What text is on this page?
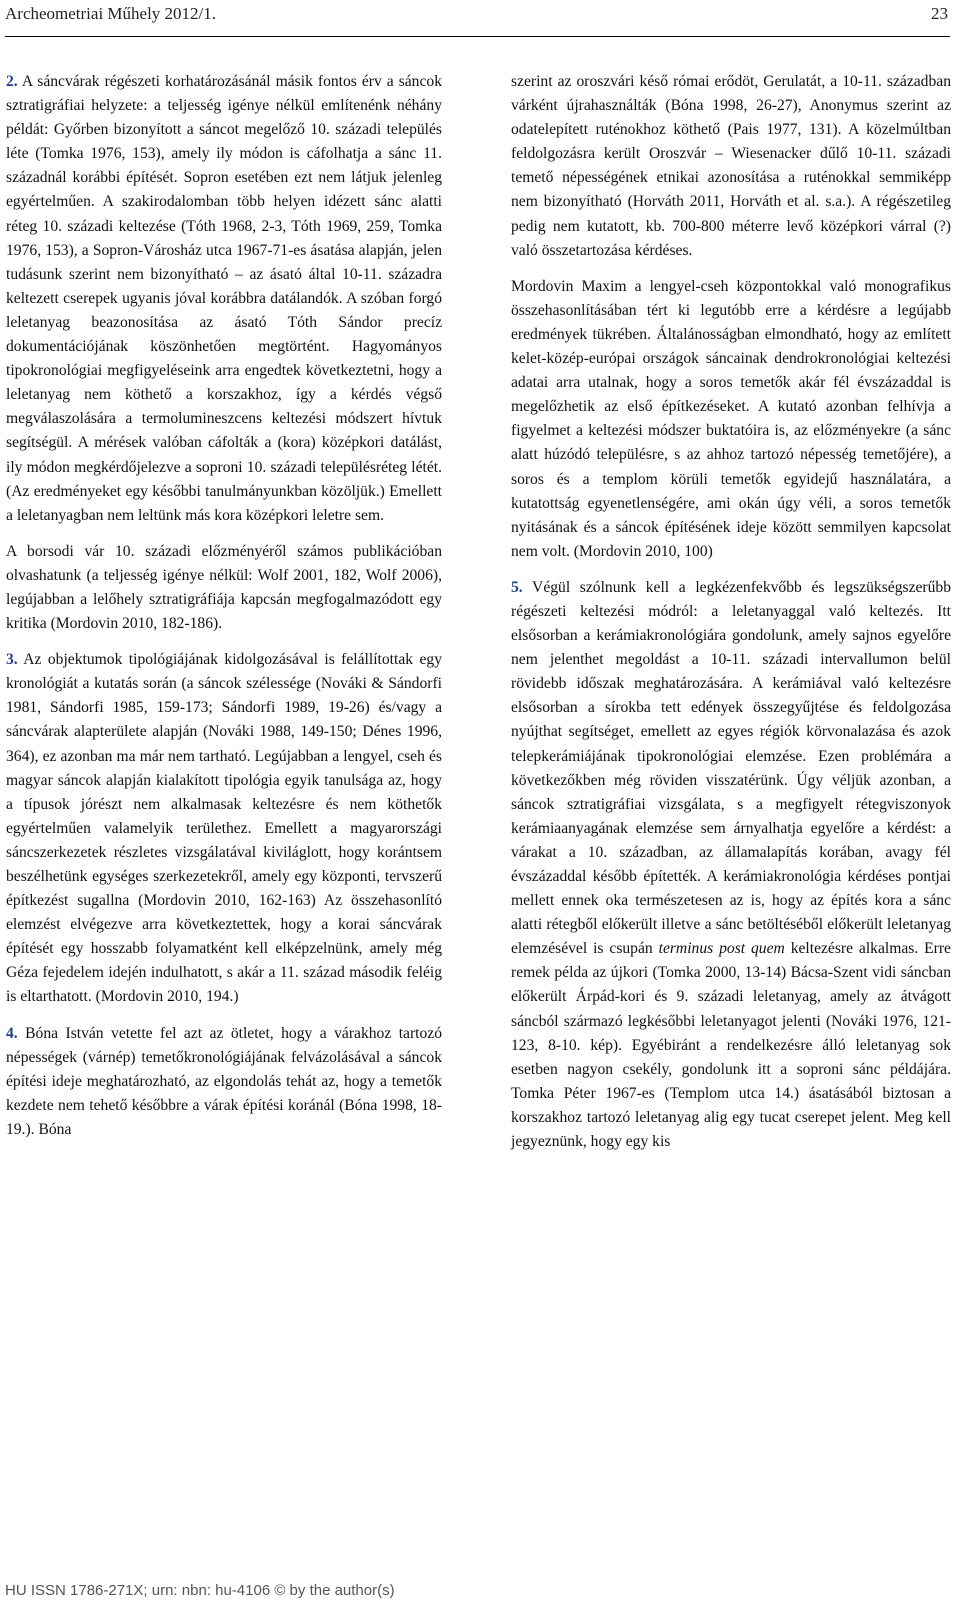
Archeometriai Műhely 2012/1.	23

2. A sáncvárak régészeti korhatározásánál másik fontos érv a sáncok sztratigráfiai helyzete: a teljesség igénye nélkül említenénk néhány példát: Győrben bizonyított a sáncot megelőző 10. századi település léte (Tomka 1976, 153), amely ily módon is cáfolhatja a sánc 11. századnál korábbi építését. Sopron esetében ezt nem látjuk jelenleg egyértelműen. A szakirodalomban több helyen idézett sánc alatti réteg 10. századi keltezése (Tóth 1968, 2-3, Tóth 1969, 259, Tomka 1976, 153), a Sopron-Városház utca 1967-71-es ásatása alapján, jelen tudásunk szerint nem bizonyítható – az ásató által 10-11. századra keltezett cserepek ugyanis jóval korábbra datálandók. A szóban forgó leletanyag beazonosítása az ásató Tóth Sándor precíz dokumentációjának köszönhetően megtörtént. Hagyományos tipokronológiai megfigyeléseink arra engedtek következtetni, hogy a leletanyag nem köthető a korszakhoz, így a kérdés végső megválaszolására a termolumineszcens keltezési módszert hívtuk segítségül. A mérések valóban cáfolták a (kora) középkori datálást, ily módon megkérdőjelezve a soproni 10. századi településréteg létét. (Az eredményeket egy későbbi tanulmányunkban közöljük.) Emellett a leletanyagban nem leltünk más kora középkori leletre sem.

A borsodi vár 10. századi előzményéről számos publikációban olvashatunk (a teljesség igénye nélkül: Wolf 2001, 182, Wolf 2006), legújabban a lelőhely sztratigráfiája kapcsán megfogalmazódott egy kritika (Mordovin 2010, 182-186).

3. Az objektumok tipológiájának kidolgozásával is felállítottak egy kronológiát a kutatás során (a sáncok szélessége (Nováki & Sándorfi 1981, Sándorfi 1985, 159-173; Sándorfi 1989, 19-26) és/vagy a sáncvárak alapterülete alapján (Nováki 1988, 149-150; Dénes 1996, 364), ez azonban ma már nem tartható. Legújabban a lengyel, cseh és magyar sáncok alapján kialakított tipológia egyik tanulsága az, hogy a típusok jórészt nem alkalmasak keltezésre és nem köthetők egyértelműen valamelyik területhez. Emellett a magyarországi sáncszerkezetek részletes vizsgálatával kiviláglott, hogy korántsem beszélhetünk egységes szerkezetekről, amely egy központi, tervszerű építkezést sugallna (Mordovin 2010, 162-163) Az összehasonlító elemzést elvégezve arra következtettek, hogy a korai sáncvárak építését egy hosszabb folyamatként kell elképzelnünk, amely még Géza fejedelem idején indulhatott, s akár a 11. század második feléig is eltarthatott. (Mordovin 2010, 194.)

4. Bóna István vetette fel azt az ötletet, hogy a várakhoz tartozó népességek (várnép) temetőkronológiájának felvázolásával a sáncok építési ideje meghatározható, az elgondolás tehát az, hogy a temetők kezdete nem tehető későbbre a várak építési koránál (Bóna 1998, 18-19.). Bóna

szerint az oroszvári késő római erődöt, Gerulatát, a 10-11. században várként újrahasználták (Bóna 1998, 26-27), Anonymus szerint az odatelepített ruténokhoz köthető (Pais 1977, 131). A közelmúltban feldolgozásra került Oroszvár – Wiesenacker dűlő 10-11. századi temető népességének etnikai azonosítása a ruténokkal semmiképp nem bizonyítható (Horváth 2011, Horváth et al. s.a.). A régészetileg pedig nem kutatott, kb. 700-800 méterre levő középkori várral (?) való összetartozása kérdéses.

Mordovin Maxim a lengyel-cseh központokkal való monografikus összehasonlításában tért ki legutóbb erre a kérdésre a legújabb eredmények tükrében. Általánosságban elmondható, hogy az említett kelet-közép-európai országok sáncainak dendrokronológiai keltezési adatai arra utalnak, hogy a soros temetők akár fél évszázaddal is megelőzhetik az első építkezéseket. A kutató azonban felhívja a figyelmet a keltezési módszer buktatóira is, az előzményekre (a sánc alatt húzódó településre, s az ahhoz tartozó népesség temetőjére), a soros és a templom körüli temetők egyidejű használatára, a kutatottság egyenetlenségére, ami okán úgy véli, a soros temetők nyitásának és a sáncok építésének ideje között semmilyen kapcsolat nem volt. (Mordovin 2010, 100)

5. Végül szólnunk kell a legkézenfekvőbb és legszükségszerűbb régészeti keltezési módról: a leletanyaggal való keltezés. Itt elsősorban a kerámiakronológiára gondolunk, amely sajnos egyelőre nem jelenthet megoldást a 10-11. századi intervallumon belül rövidebb időszak meghatározására. A kerámiával való keltezésre elsősorban a sírokba tett edények összegyűjtése és feldolgozása nyújthat segítséget, emellett az egyes régiók körvonalazása és azok telepkerámiájának tipokronológiai elemzése. Ezen problémára a következőkben még röviden visszatérünk. Úgy véljük azonban, a sáncok sztratigráfiai vizsgálata, s a megfigyelt rétegviszonyok kerámiaanyagának elemzése sem árnyalhatja egyelőre a kérdést: a várakat a 10. században, az államalapítás korában, avagy fél évszázaddal később építették. A kerámiakronológia kérdéses pontjai mellett ennek oka természetesen az is, hogy az építés kora a sánc alatti rétegből előkerült illetve a sánc betöltéséből előkerült leletanyag elemzésével is csupán terminus post quem keltezésre alkalmas. Erre remek példa az újkori (Tomka 2000, 13-14) Bácsa-Szent vidi sáncban előkerült Árpád-kori és 9. századi leletanyag, amely az átvágott sáncból származó legkésőbbi leletanyagot jelenti (Nováki 1976, 121-123, 8-10. kép). Egyébiránt a rendelkezésre álló leletanyag sok esetben nagyon csekély, gondolunk itt a soproni sánc példájára. Tomka Péter 1967-es (Templom utca 14.) ásatásából biztosan a korszakhoz tartozó leletanyag alig egy tucat cserepet jelent. Meg kell jegyeznünk, hogy egy kis

HU ISSN 1786-271X; urn: nbn: hu-4106 © by the author(s)
